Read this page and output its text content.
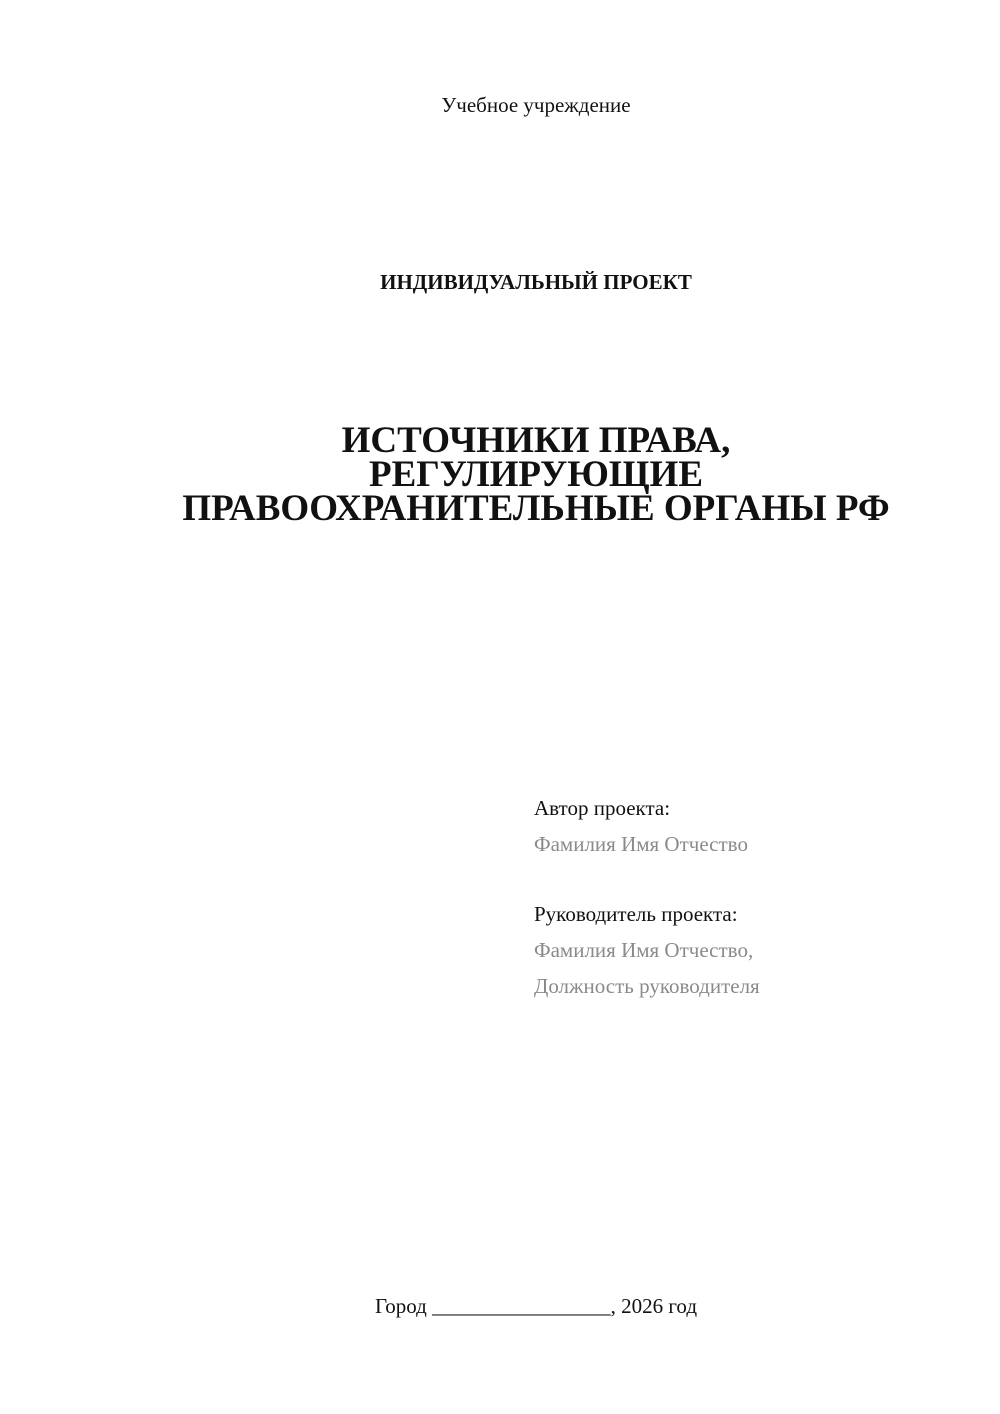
Учебное учреждение
ИНДИВИДУАЛЬНЫЙ ПРОЕКТ
ИСТОЧНИКИ ПРАВА,
РЕГУЛИРУЮЩИЕ
ПРАВООХРАНИТЕЛЬНЫЕ ОРГАНЫ РФ
Автор проекта:
Фамилия Имя Отчество
Руководитель проекта:
Фамилия Имя Отчество,
Должность руководителя
Город _________________, 2026 год
